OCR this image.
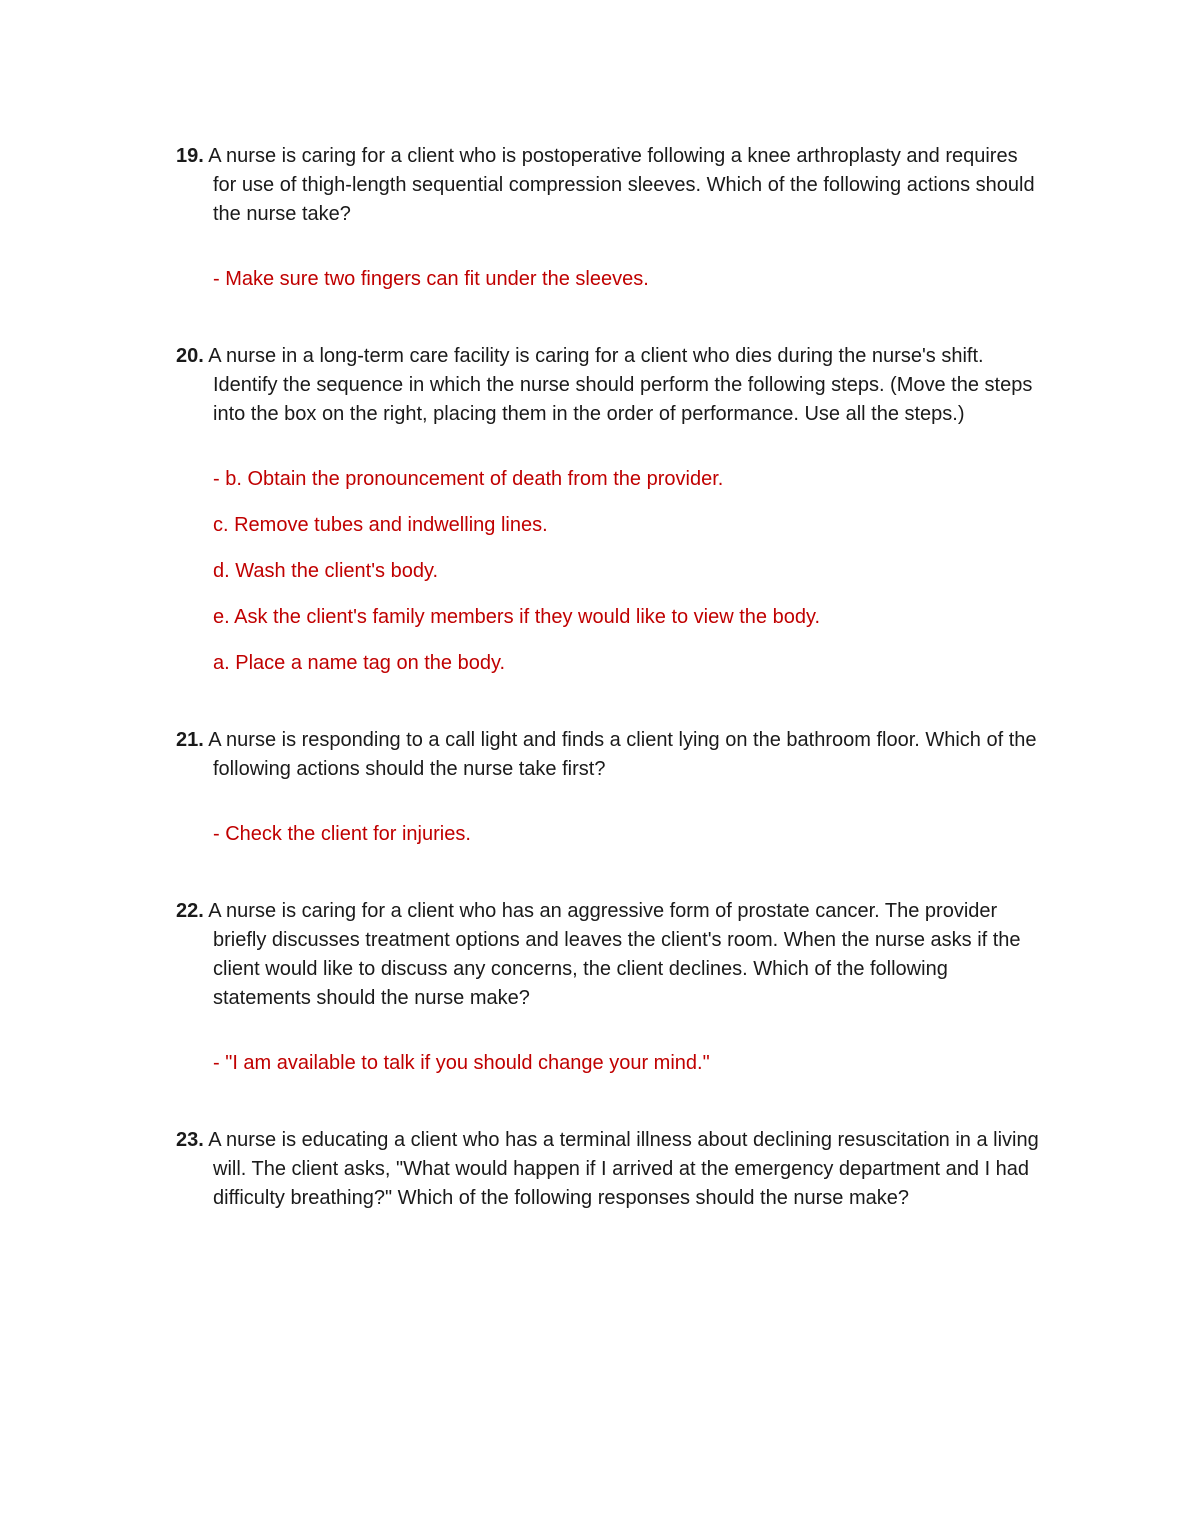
19. A nurse is caring for a client who is postoperative following a knee arthroplasty and requires for use of thigh-length sequential compression sleeves. Which of the following actions should the nurse take?

- Make sure two fingers can fit under the sleeves.

20. A nurse in a long-term care facility is caring for a client who dies during the nurse's shift. Identify the sequence in which the nurse should perform the following steps. (Move the steps into the box on the right, placing them in the order of performance. Use all the steps.)

- b. Obtain the pronouncement of death from the provider.

c. Remove tubes and indwelling lines.

d. Wash the client's body.

e. Ask the client's family members if they would like to view the body.

a. Place a name tag on the body.

21. A nurse is responding to a call light and finds a client lying on the bathroom floor. Which of the following actions should the nurse take first?

- Check the client for injuries.

22. A nurse is caring for a client who has an aggressive form of prostate cancer. The provider briefly discusses treatment options and leaves the client's room. When the nurse asks if the client would like to discuss any concerns, the client declines. Which of the following statements should the nurse make?

- "I am available to talk if you should change your mind."

23. A nurse is educating a client who has a terminal illness about declining resuscitation in a living will. The client asks, "What would happen if I arrived at the emergency department and I had difficulty breathing?" Which of the following responses should the nurse make?
